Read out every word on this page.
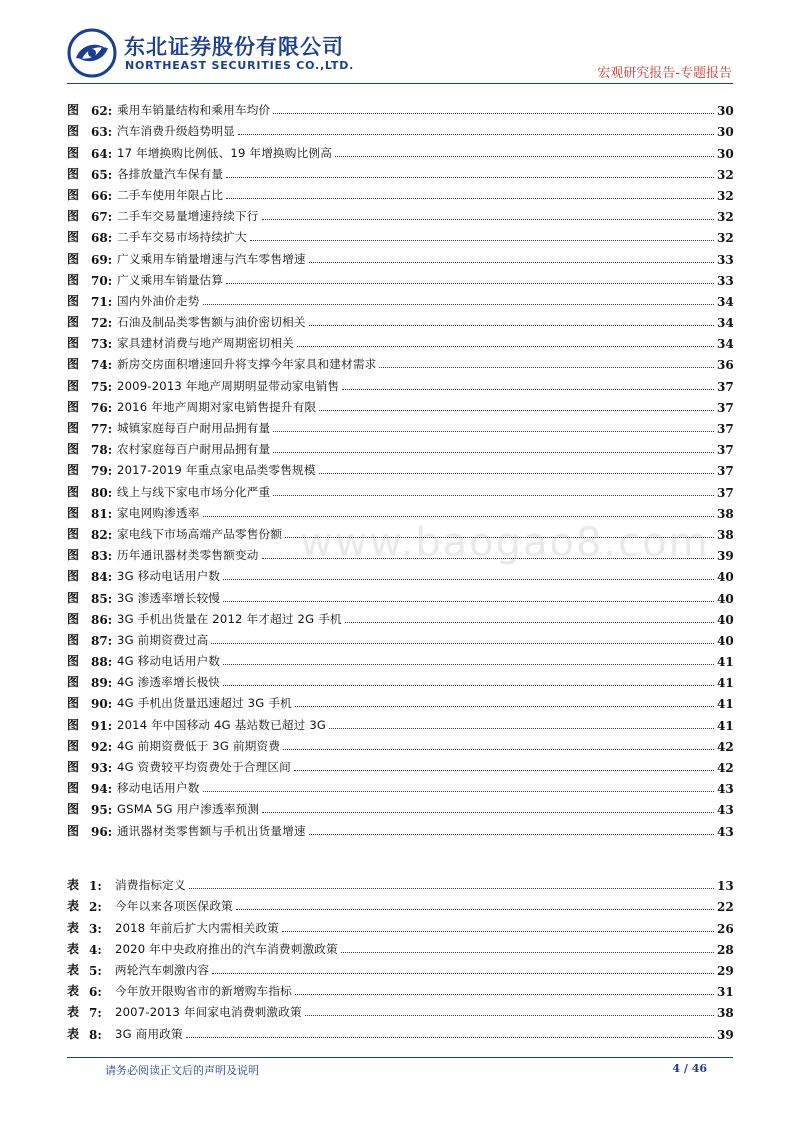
东北证券股份有限公司
NORTHEAST SECURITIES CO.,LTD.
宏观研究报告-专题报告
图 62: 乘用车销量结构和乘用车均价	30
图 63: 汽车消费升级趋势明显	30
图 64: 17 年增换购比例低、19 年增换购比例高	30
图 65: 各排放量汽车保有量	32
图 66: 二手车使用年限占比	32
图 67: 二手车交易量增速持续下行	32
图 68: 二手车交易市场持续扩大	32
图 69: 广义乘用车销量增速与汽车零售增速	33
图 70: 广义乘用车销量估算	33
图 71: 国内外油价走势	34
图 72: 石油及制品类零售额与油价密切相关	34
图 73: 家具建材消费与地产周期密切相关	34
图 74: 新房交房面积增速回升将支撑今年家具和建材需求	36
图 75: 2009-2013 年地产周期明显带动家电销售	37
图 76: 2016 年地产周期对家电销售提升有限	37
图 77: 城镇家庭每百户耐用品拥有量	37
图 78: 农村家庭每百户耐用品拥有量	37
图 79: 2017-2019 年重点家电品类零售规模	37
图 80: 线上与线下家电市场分化严重	37
图 81: 家电网购渗透率	38
图 82: 家电线下市场高端产品零售份额	38
图 83: 历年通讯器材类零售额变动	39
图 84: 3G 移动电话用户数	40
图 85: 3G 渗透率增长较慢	40
图 86: 3G 手机出货量在 2012 年才超过 2G 手机	40
图 87: 3G 前期资费过高	40
图 88: 4G 移动电话用户数	41
图 89: 4G 渗透率增长极快	41
图 90: 4G 手机出货量迅速超过 3G 手机	41
图 91: 2014 年中国移动 4G 基站数已超过 3G	41
图 92: 4G 前期资费低于 3G 前期资费	42
图 93: 4G 资费较平均资费处于合理区间	42
图 94: 移动电话用户数	43
图 95: GSMA 5G 用户渗透率预测	43
图 96: 通讯器材类零售额与手机出货量增速	43
表 1:	消费指标定义	13
表 2:	今年以来各项医保政策	22
表 3:	2018 年前后扩大内需相关政策	26
表 4:	2020 年中央政府推出的汽车消费刺激政策	28
表 5:	两轮汽车刺激内容	29
表 6:	今年放开限购省市的新增购车指标	31
表 7:	2007-2013 年间家电消费刺激政策	38
表 8:	3G 商用政策	39
www.baogao8.com
请务必阅读正文后的声明及说明	4 / 46
